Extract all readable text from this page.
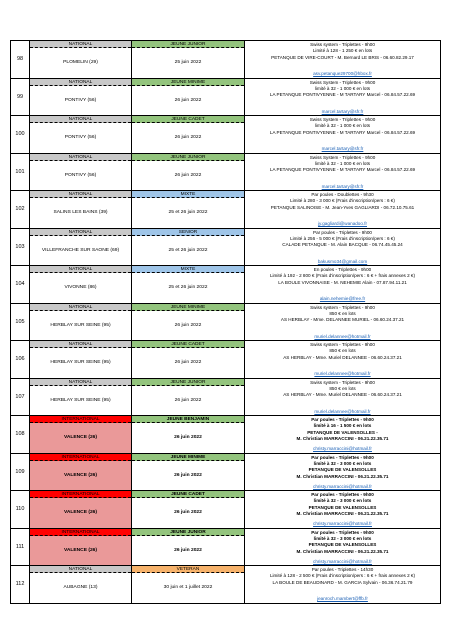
98
NATIONAL
PLOMELIN (29)
JEUNE JUNIOR
25 juin 2022
Swiss system - Triplettes - 9h00
Limité à 128 - 1 250 € en lots
PETANQUE DE VIRE-COURT - M. Bernard LE BRIS - 06.60.82.29.17
asv.petanque29700@hbox.fr
99
NATIONAL
PONTIVY (56)
JEUNE MINIME
26 juin 2022
Swiss System - Triplettes - 9h00
limité à 32 - 1 000 € en lots
LA PETANQUE PONTIVYENNE - M TARTARY Marcel - 06.84.57.22.69
marcel.tartary@sfr.fr
100
NATIONAL
PONTIVY (56)
JEUNE CADET
26 juin 2022
Swiss System - Triplettes - 9h00
limité à 32 - 1 000 € en lots
LA PETANQUE PONTIVYENNE - M TARTARY Marcel - 06.84.57.22.69
marcel.tartary@sfr.fr
101
NATIONAL
PONTIVY (56)
JEUNE JUNIOR
26 juin 2022
Swiss System - Triplettes - 9h00
limité à 32 - 1 000 € en lots
LA PETANQUE PONTIVYENNE - M TARTARY Marcel - 06.84.57.22.69
marcel.tartary@sfr.fr
102
NATIONAL
SALINS LES BAINS (39)
MIXTE
25 et 26 juin 2022
Par poules - Doublettes - 9h30
Limité à 280 - 3 000 € (Frais d'inscription/pers : 6 €)
PETANQUE SALINOISE - M. Jean-Yves GAGLIARDI - 06.72.10.75.61
jy.gagliardi@wanadoo.fr
103
NATIONAL
VILLEFRANCHE SUR SAONE (69)
SENIOR
25 et 26 juin 2022
Par poules - Triplettes - 9h00
Limité à 256 - 5 000 € (Frais d'inscription/pers : 6 €)
CALADE PETANQUE - M. Alain BACQUE - 06.74.45.45.24
bakusmo34@gmail.com
104
NATIONAL
VIVONNE (86)
MIXTE
25 et 26 juin 2022
En poules - Triplettes - 9h00
Limité à 192 - 2 800 € (Frais d'inscription/pers : 6 € + frais annexes 2 €)
LA BOULE VIVONNAISE - M. NEHEMIE Alain - 07.87.94.11.21
alain.nehemie@free.fr
105
NATIONAL
HERBLAY SUR SEINE (95)
JEUNE MINIME
26 juin 2022
Swiss system - Triplettes - 9h00
850 € en lots
AS HERBLAY - Mme. DELANNEE MURIEL - 06.60.24.37.21
muriel.delannee@hotmail.fr
106
NATIONAL
HERBLAY SUR SEINE (95)
JEUNE CADET
26 juin 2022
Swiss system - Triplettes - 9h00
850 € en lots
AS HERBLAY - Mme. Muriel DELANNEE - 06.60.24.37.21
muriel.delannee@hotmail.fr
107
NATIONAL
HERBLAY SUR SEINE (95)
JEUNE JUNIOR
26 juin 2022
Swiss system - Triplettes - 9h00
850 € en lots
AS HERBLAY - Mme. Muriel DELANNEE - 06.60.24.37.21
muriel.delannee@hotmail.fr
108
INTERNATIONAL
VALENCE (26)
JEUNE BENJAMIN
26 juin 2022
Par poules - Triplettes - 9h00
limité à 16 - 1 500 € en lots
PETANQUE DE VALENSOLLES -
M. Christian MARRACCINI - 06.21.22.35.71
christy.marraccini@hotmail.fr
109
INTERNATIONAL
VALENCE (26)
JEUNE MINIME
26 juin 2022
Par poules - Triplettes - 9h00
limité à 32 - 3 000 € en lots
PETANQUE DE VALENSOLLES
M. Christian MARRACCINI - 06.21.22.35.71
christy.marraccini@hotmail.fr
110
INTERNATIONAL
VALENCE (26)
JEUNE CADET
26 juin 2022
Par poules - Triplettes - 9h00
limité à 32 - 3 000 € en lots
PETANQUE DE VALENSOLLES
M. Christian MARRACCINI - 06.21.22.35.71
christy.marraccini@hotmail.fr
111
INTERNATIONAL
VALENCE (26)
JEUNE JUNIOR
26 juin 2022
Par poules - Triplettes - 9h00
limité à 32 - 3 000 € en lots
PETANQUE DE VALENSOLLES
M. Christian MARRACCINI - 06.21.22.35.71
christy.marraccini@hotmail.fr
112
NATIONAL
AUBAGNE (13)
VETERAN
30 juin et 1 juillet 2022
Par poules - Triplettes - 14h30
Limité à 128 - 2 500 € (Frais d'inscription/pers : 6 € + frais annexes 2 €)
LA BOULE DE BEAUDINARD - M. GARCIA Sylvain - 06.36.74.21.79
jeanroch.mambert@ffb.fr
